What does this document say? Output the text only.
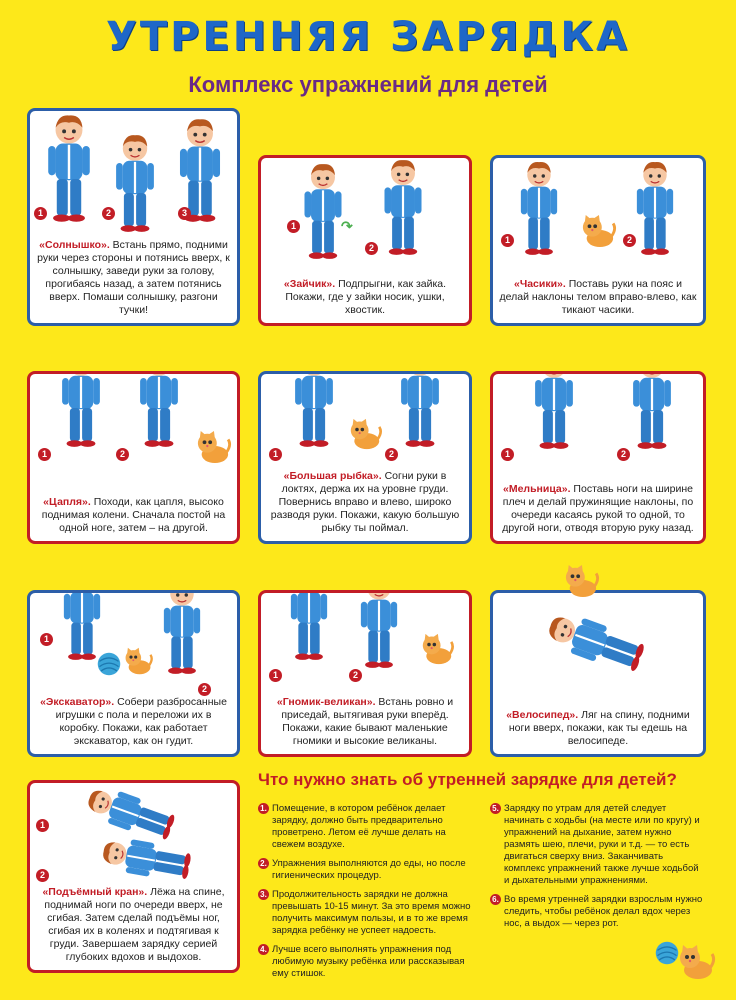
УТРЕННЯЯ ЗАРЯДКА
Комплекс упражнений для детей
1	2	3
«Солнышко». Встань прямо, подними руки через стороны и потянись вверх, к солнышку, заведи руки за голову, прогибаясь назад, а затем потянись вверх. Помаши солнышку, разгони тучки!
1
2
↷
«Зайчик». Подпрыгни, как зайка. Покажи, где у зайки носик, ушки, хвостик.
1	2
«Часики». Поставь руки на пояс и делай наклоны телом вправо-влево, как тикают часики.
1	2
«Цапля». Походи, как цапля, высоко поднимая колени. Сначала постой на одной ноге, затем – на другой.
1	2
«Большая рыбка». Согни руки в локтях, держа их на уровне груди. Повернись вправо и влево, широко разводя руки. Покажи, какую большую рыбку ты поймал.
1	2
«Мельница». Поставь ноги на ширине плеч и делай пружинящие наклоны, по очереди касаясь рукой то одной, то другой ноги, отводя вторую руку назад.
1
2
«Экскаватор». Собери разбросанные игрушки с пола и переложи их в коробку. Покажи, как работает экскаватор, как он гудит.
1	2
«Гномик-великан». Встань ровно и приседай, вытягивая руки вперёд. Покажи, какие бывают маленькие гномики и высокие великаны.
«Велосипед». Ляг на спину, подними ноги вверх, покажи, как ты едешь на велосипеде.
1
2
«Подъёмный кран». Лёжа на спине, поднимай ноги по очереди вверх, не сгибая. Затем сделай подъёмы ног, сгибая их в коленях и подтягивая к груди. Завершаем зарядку серией глубоких вдохов и выдохов.
Что нужно знать об утренней зарядке для детей?
1. Помещение, в котором ребёнок делает зарядку, должно быть предварительно проветрено. Летом её лучше делать на свежем воздухе.
2. Упражнения выполняются до еды, но после гигиенических процедур.
3. Продолжительность зарядки не должна превышать 10-15 минут. За это время можно получить максимум пользы, и в то же время зарядка ребёнку не успеет надоесть.
4. Лучше всего выполнять упражнения под любимую музыку ребёнка или рассказывая ему стишок.
5. Зарядку по утрам для детей следует начинать с ходьбы (на месте или по кругу) и упражнений на дыхание, затем нужно размять шею, плечи, руки и т.д. — то есть двигаться сверху вниз. Заканчивать комплекс упражнений также лучше ходьбой и дыхательными упражнениями.
6. Во время утренней зарядки взрослым нужно следить, чтобы ребёнок делал вдох через нос, а выдох — через рот.
